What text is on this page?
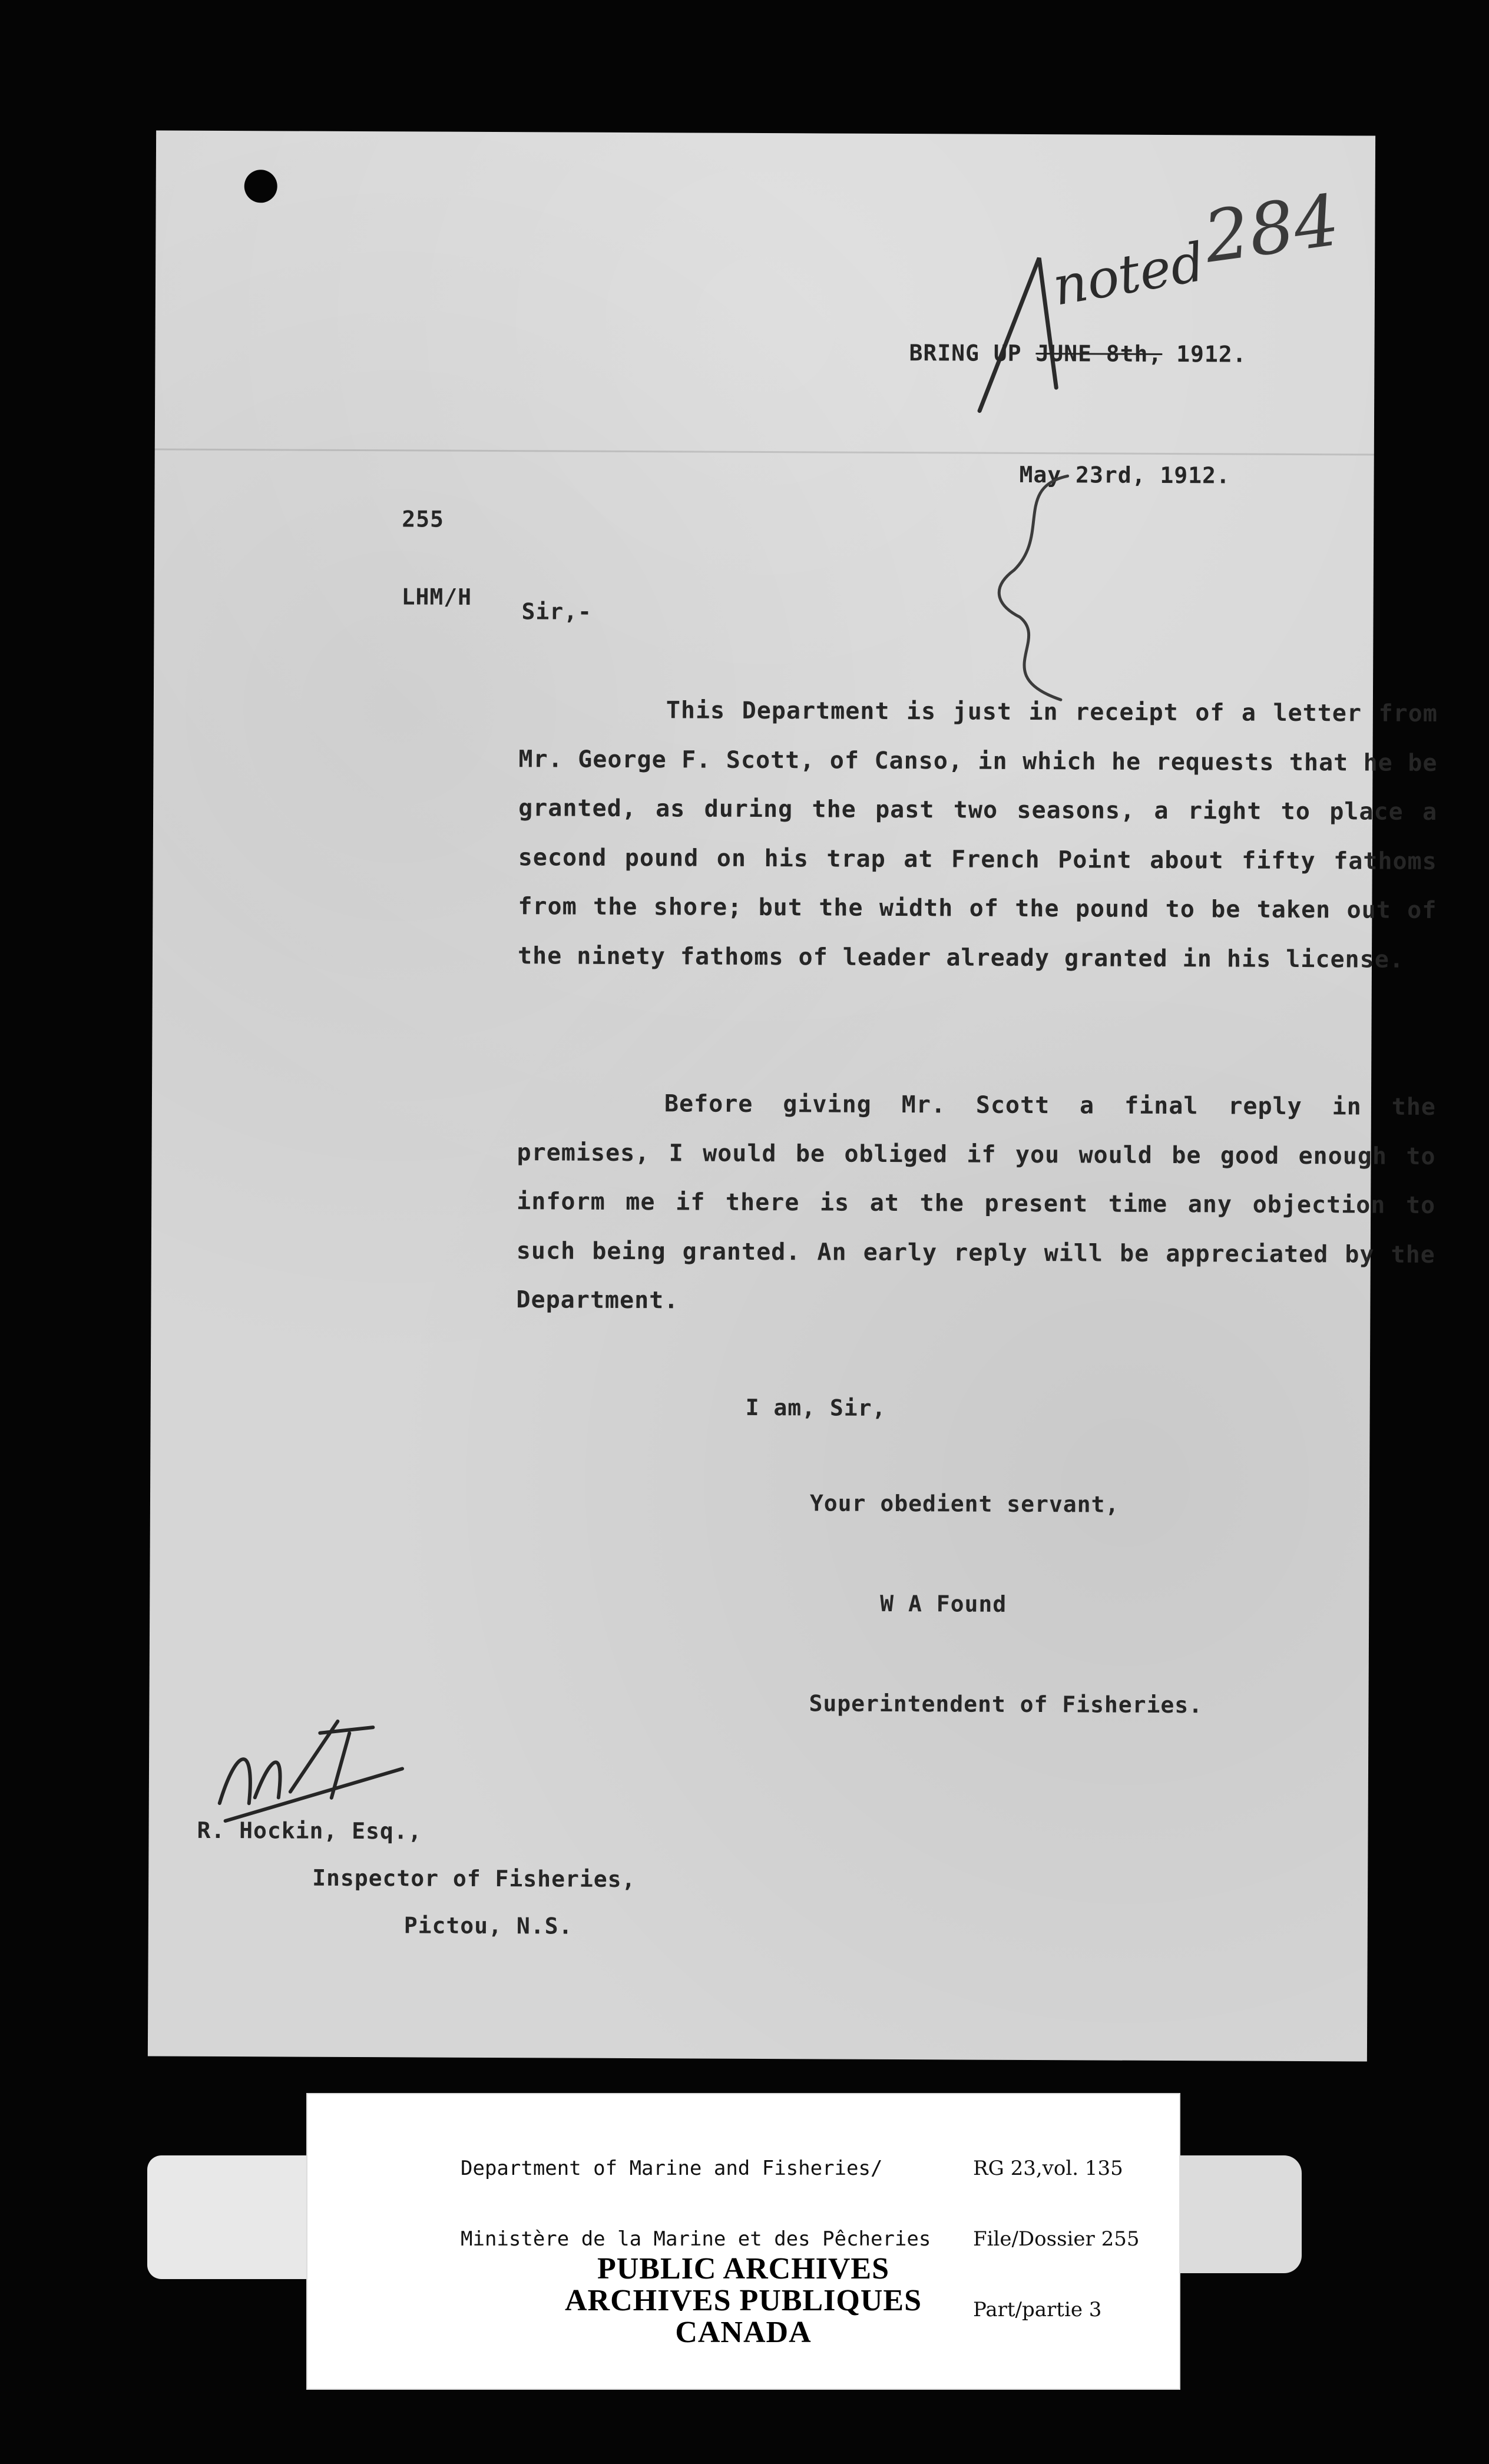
284
noted
BRING UP JUNE 8th, 1912.

255

LHM/H

May 23rd, 1912.
Sir,-
This Department is just in receipt of a letter from Mr. George F. Scott, of Canso, in which he requests that he be granted, as during the past two seasons, a right to place a second pound on his trap at French Point about fifty fathoms from the shore; but the width of the pound to be taken out of the ninety fathoms of leader already granted in his license.
Before giving Mr. Scott a final reply in the premises, I would be obliged if you would be good enough to inform me if there is at the present time any objection to such being granted. An early reply will be appreciated by the Department.
I am, Sir,
Your obedient servant,
W A Found
Superintendent of Fisheries.
R. Hockin, Esq.,
Inspector of Fisheries,
Pictou, N.S.

Department of Marine and Fisheries/

Ministère de la Marine et des Pêcheries

RG 23,vol. 135

File/Dossier 255

Part/partie 3

PUBLIC ARCHIVES
ARCHIVES PUBLIQUES
CANADA
